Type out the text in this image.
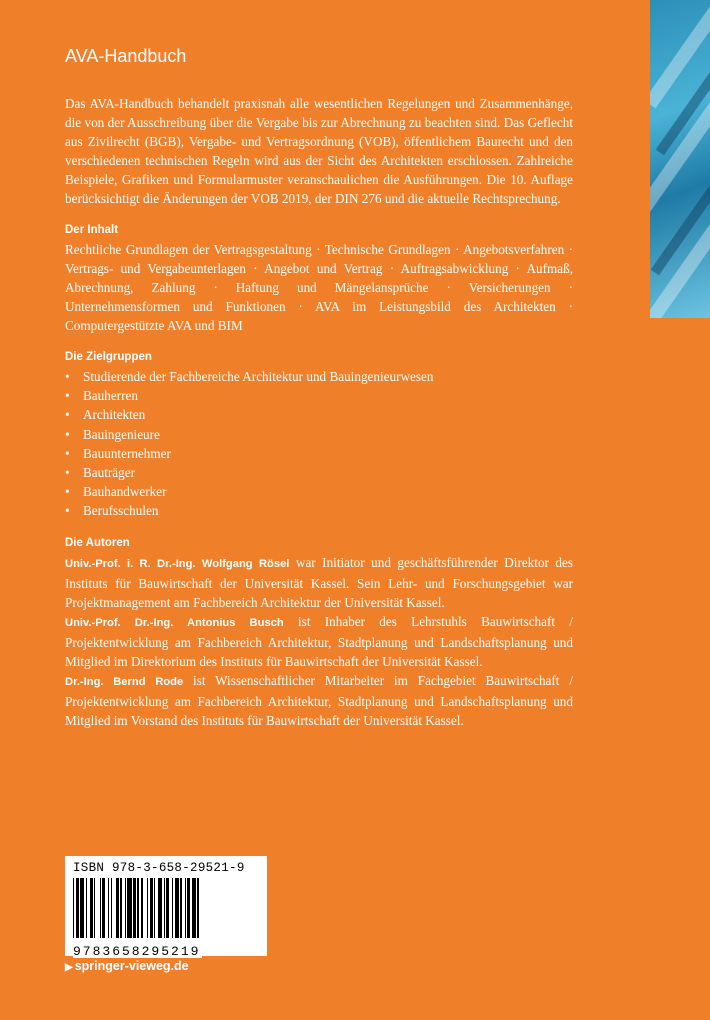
AVA-Handbuch

Das AVA-Handbuch behandelt praxisnah alle wesentlichen Regelungen und Zusammenhänge, die von der Ausschreibung über die Vergabe bis zur Abrechnung zu beachten sind. Das Geflecht aus Zivilrecht (BGB), Vergabe- und Vertragsordnung (VOB), öffentlichem Baurecht und den verschiedenen technischen Regeln wird aus der Sicht des Architekten erschlossen. Zahlreiche Beispiele, Grafiken und Formularmuster veranschaulichen die Ausführungen. Die 10. Auflage berücksichtigt die Änderungen der VOB 2019, der DIN 276 und die aktuelle Rechtsprechung.

Der Inhalt

Rechtliche Grundlagen der Vertragsgestaltung · Technische Grundlagen · Angebotsverfahren · Vertrags- und Vergabeunterlagen · Angebot und Vertrag · Auftragsabwicklung · Aufmaß, Abrechnung, Zahlung · Haftung und Mängelansprüche · Versicherungen · Unternehmensformen und Funktionen · AVA im Leistungsbild des Architekten · Computergestützte AVA und BIM

Die Zielgruppen
• Studierende der Fachbereiche Architektur und Bauingenieurwesen
• Bauherren
• Architekten
• Bauingenieure
• Bauunternehmer
• Bauträger
• Bauhandwerker
• Berufsschulen
Die Autoren

Univ.-Prof. i. R. Dr.-Ing. Wolfgang Rösel war Initiator und geschäftsführender Direktor des Instituts für Bauwirtschaft der Universität Kassel. Sein Lehr- und Forschungsgebiet war Projektmanagement am Fachbereich Architektur der Universität Kassel.

Univ.-Prof. Dr.-Ing. Antonius Busch ist Inhaber des Lehrstuhls Bauwirtschaft / Projektentwicklung am Fachbereich Architektur, Stadtplanung und Landschaftsplanung und Mitglied im Direktorium des Instituts für Bauwirtschaft der Universität Kassel.

Dr.-Ing. Bernd Rode ist Wissenschaftlicher Mitarbeiter im Fachgebiet Bauwirtschaft / Projektentwicklung am Fachbereich Architektur, Stadtplanung und Landschaftsplanung und Mitglied im Vorstand des Instituts für Bauwirtschaft der Universität Kassel.

ISBN 978-3-658-29521-9
9783658295219
▶ springer-vieweg.de
